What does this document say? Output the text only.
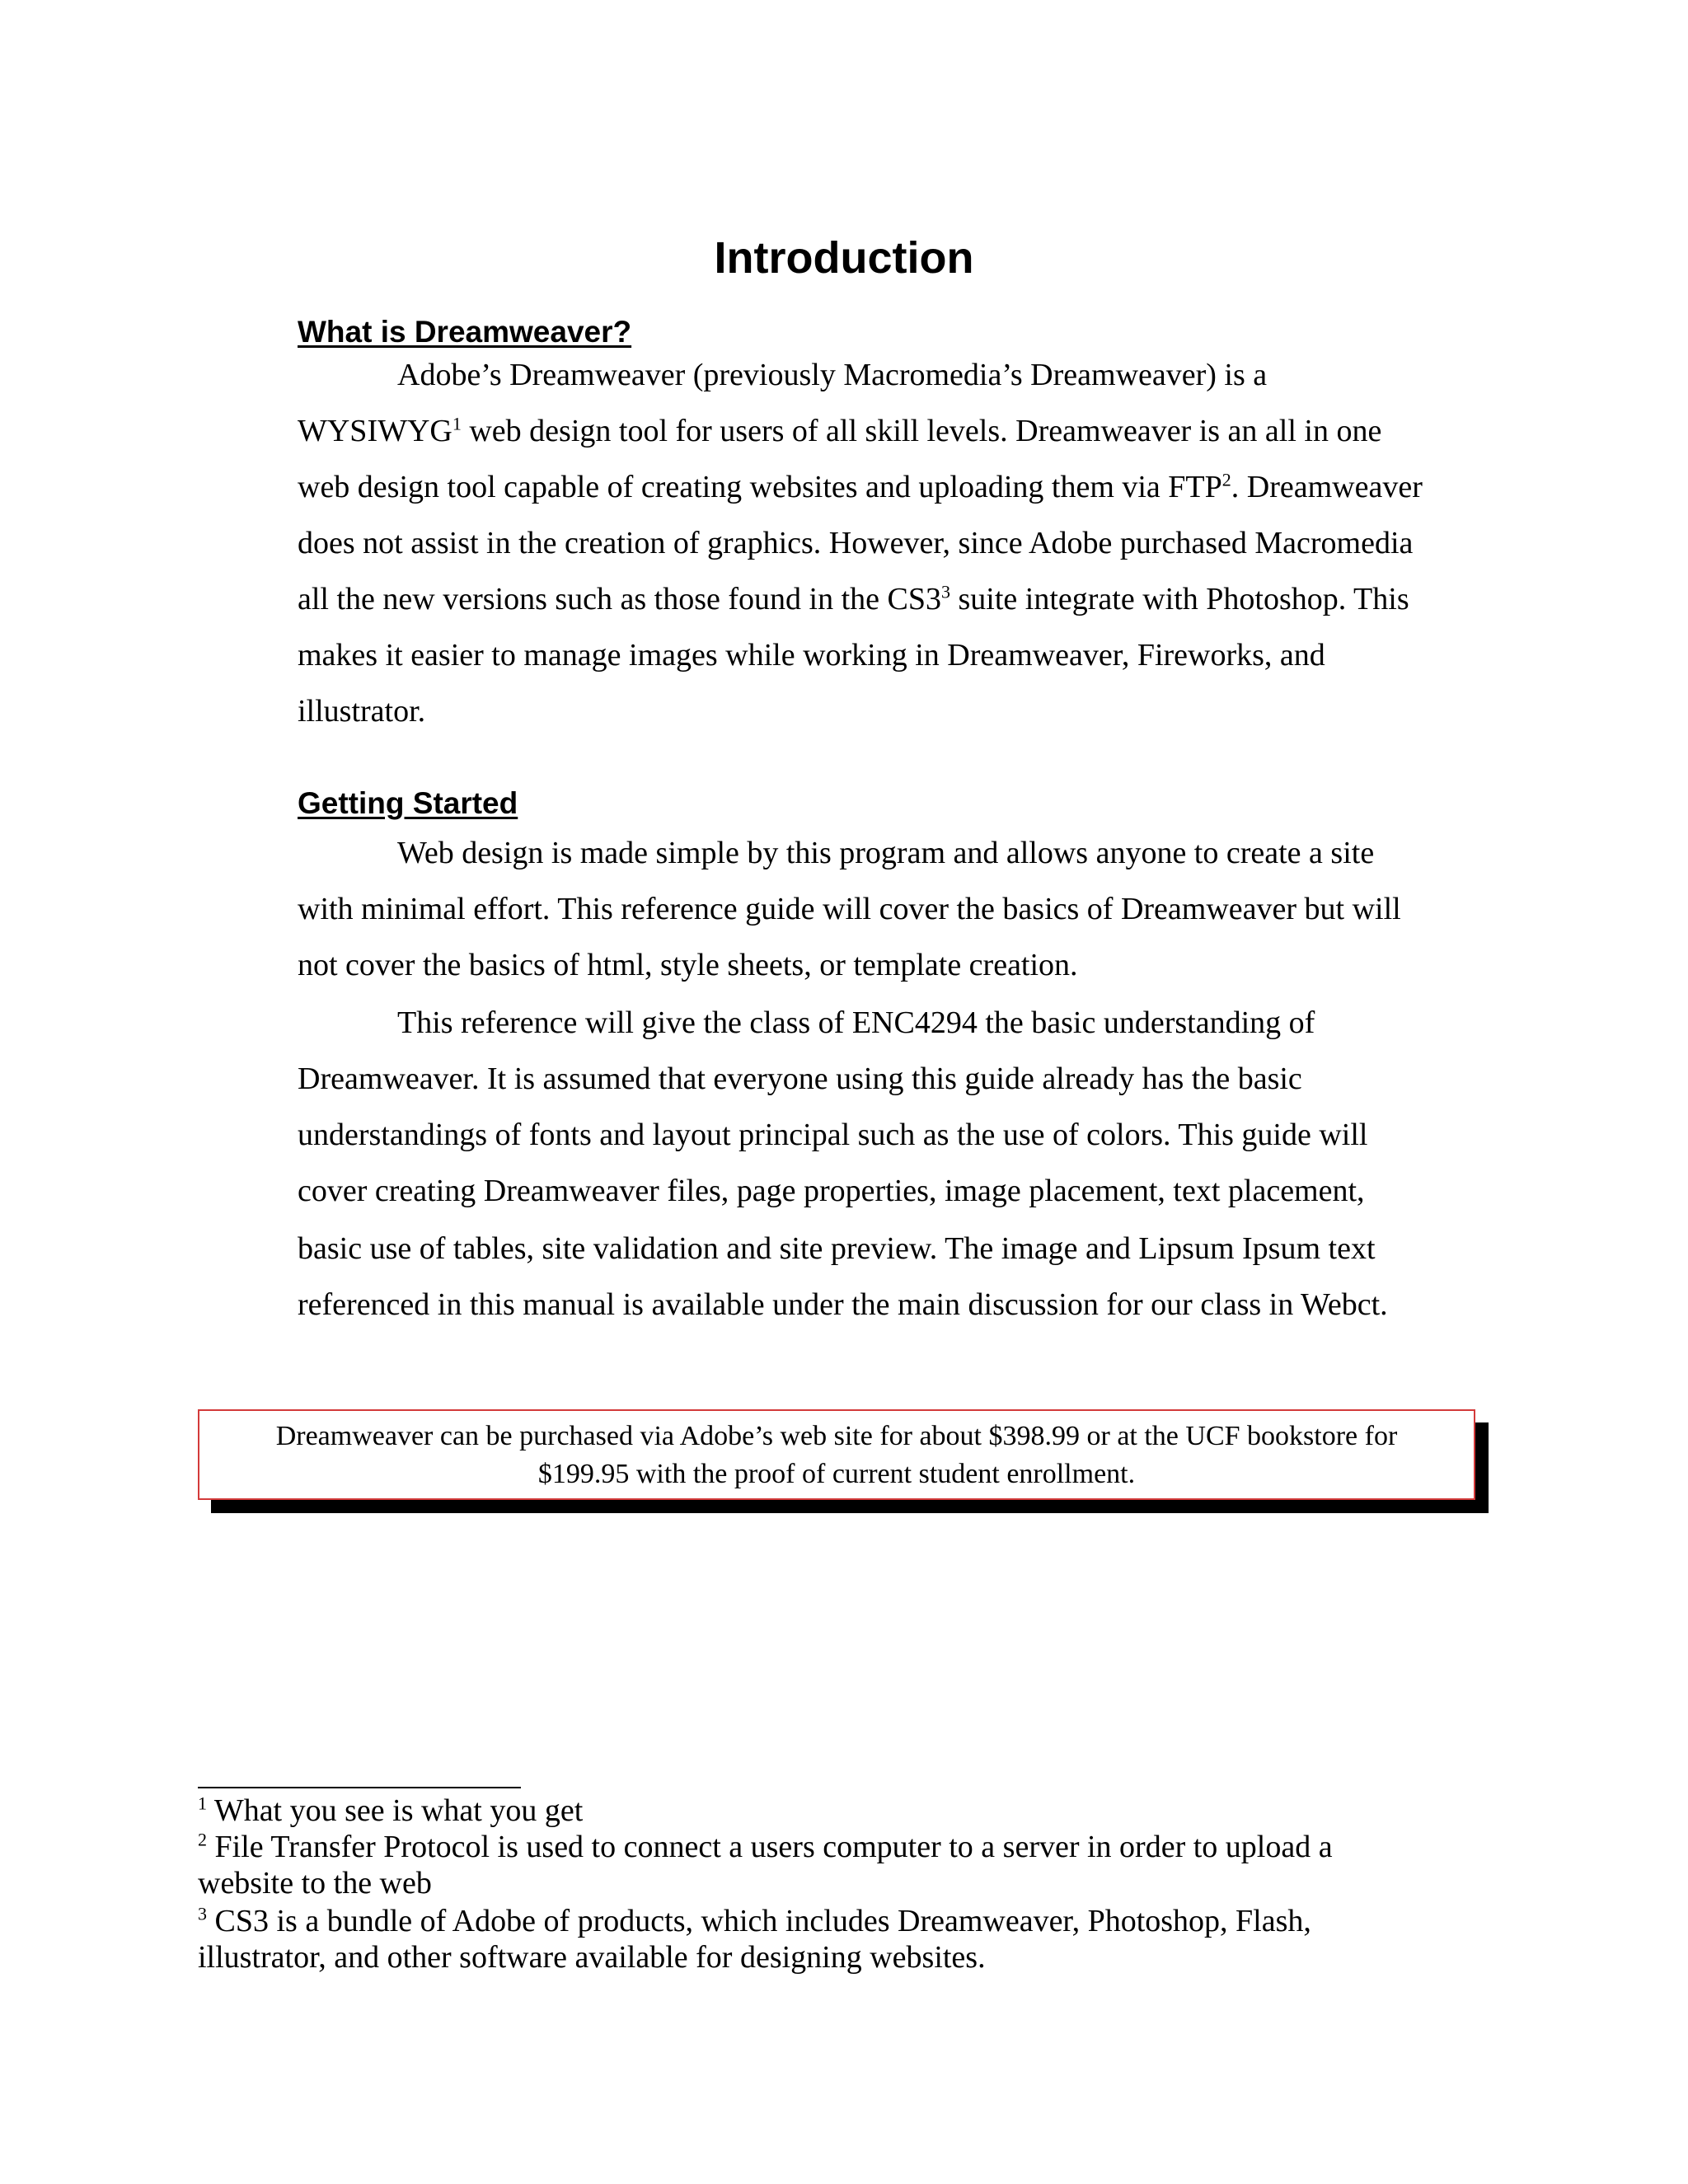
Introduction
What is Dreamweaver?

Adobe’s Dreamweaver (previously Macromedia’s Dreamweaver) is a

WYSIWYG$^1$ web design tool for users of all skill levels. Dreamweaver is an all in one

web design tool capable of creating websites and uploading them via FTP$^2$. Dreamweaver

does not assist in the creation of graphics. However, since Adobe purchased Macromedia

all the new versions such as those found in the CS3$^3$ suite integrate with Photoshop. This

makes it easier to manage images while working in Dreamweaver, Fireworks, and

illustrator.

Getting Started

Web design is made simple by this program and allows anyone to create a site

with minimal effort. This reference guide will cover the basics of Dreamweaver but will

not cover the basics of html, style sheets, or template creation.

This reference will give the class of ENC4294 the basic understanding of

Dreamweaver. It is assumed that everyone using this guide already has the basic

understandings of fonts and layout principal such as the use of colors. This guide will

cover creating Dreamweaver files, page properties, image placement, text placement,

basic use of tables, site validation and site preview. The image and Lipsum Ipsum text

referenced in this manual is available under the main discussion for our class in Webct.

Dreamweaver can be purchased via Adobe’s web site for about $398.99 or at the UCF bookstore for

$199.95 with the proof of current student enrollment.

$^1$ What you see is what you get

$^2$ File Transfer Protocol is used to connect a users computer to a server in order to upload a

website to the web

$^3$ CS3 is a bundle of Adobe of products, which includes Dreamweaver, Photoshop, Flash,

illustrator, and other software available for designing websites.
